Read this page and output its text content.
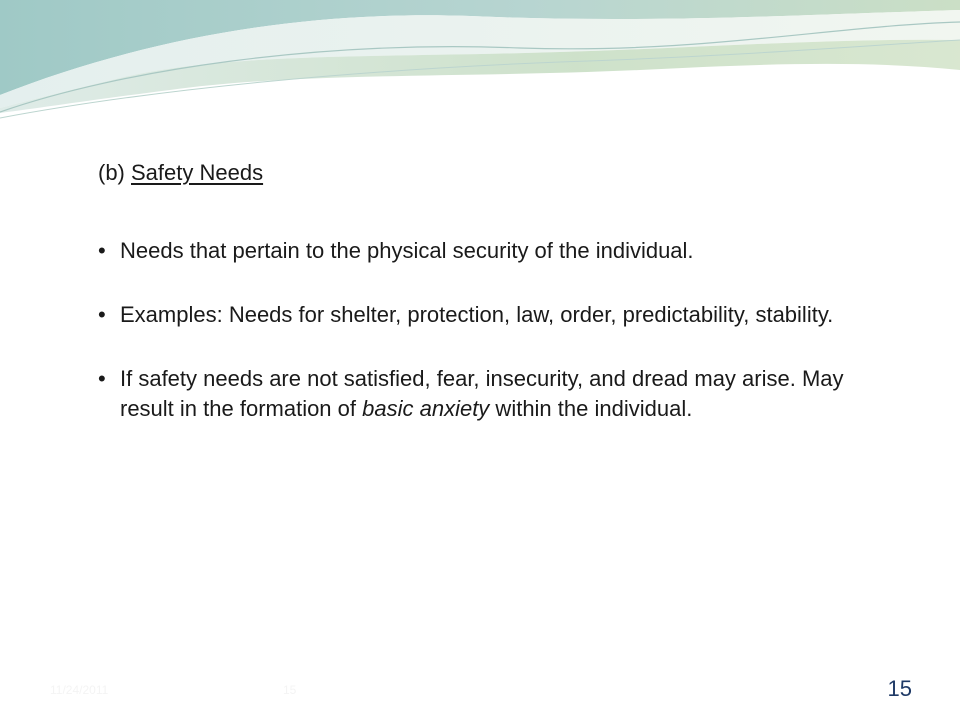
(b) Safety Needs
• Needs that pertain to the physical security of the individual.
• Examples: Needs for shelter, protection, law, order, predictability, stability.
• If safety needs are not satisfied, fear, insecurity, and dread may arise. May result in the formation of basic anxiety within the individual.
11/24/2011	15	15
